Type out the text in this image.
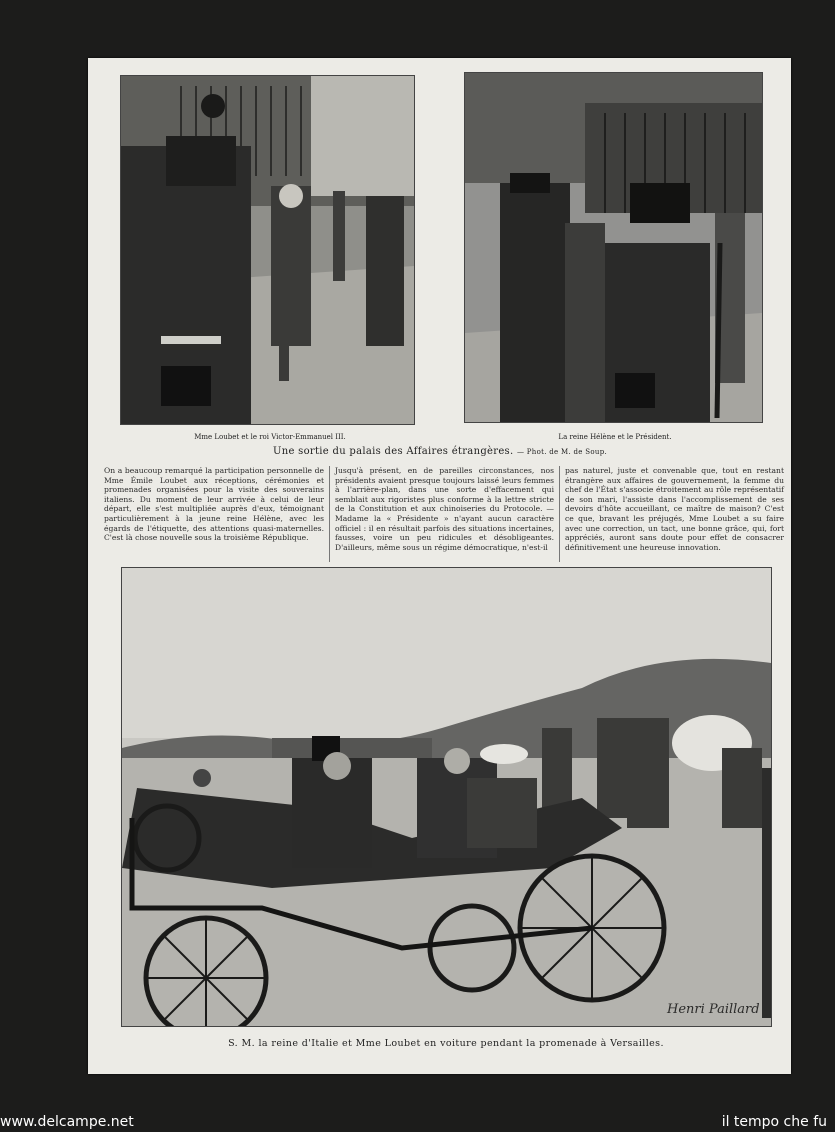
Mme Loubet et le roi Victor-Emmanuel III.	La reine Hélène et le Président.
Une sortie du palais des Affaires étrangères. — Phot. de M. de Soup.
On a beaucoup remarqué la participation personnelle de Mme Émile Loubet aux réceptions, cérémonies et promenades organisées pour la visite des souverains italiens. Du moment de leur arrivée à celui de leur départ, elle s'est multipliée auprès d'eux, témoignant particulièrement à la jeune reine Hélène, avec les égards de l'étiquette, des attentions quasi-maternelles. C'est là chose nouvelle sous la troisième République.
Jusqu'à présent, en de pareilles circonstances, nos présidents avaient presque toujours laissé leurs femmes à l'arrière-plan, dans une sorte d'effacement qui semblait aux rigoristes plus conforme à la lettre stricte de la Constitution et aux chinoiseries du Protocole. — Madame la « Présidente » n'ayant aucun caractère officiel : il en résultait parfois des situations incertaines, fausses, voire un peu ridicules et désobligeantes. D'ailleurs, même sous un régime démocratique, n'est-il
pas naturel, juste et convenable que, tout en restant étrangère aux affaires de gouvernement, la femme du chef de l'État s'associe étroitement au rôle représentatif de son mari, l'assiste dans l'accomplissement de ses devoirs d'hôte accueillant, ce maître de maison? C'est ce que, bravant les préjugés, Mme Loubet a su faire avec une correction, un tact, une bonne grâce, qui, fort appréciés, auront sans doute pour effet de consacrer définitivement une heureuse innovation.
Henri Paillard
S. M. la reine d'Italie et Mme Loubet en voiture pendant la promenade à Versailles.
www.delcampe.net	il tempo che fu
